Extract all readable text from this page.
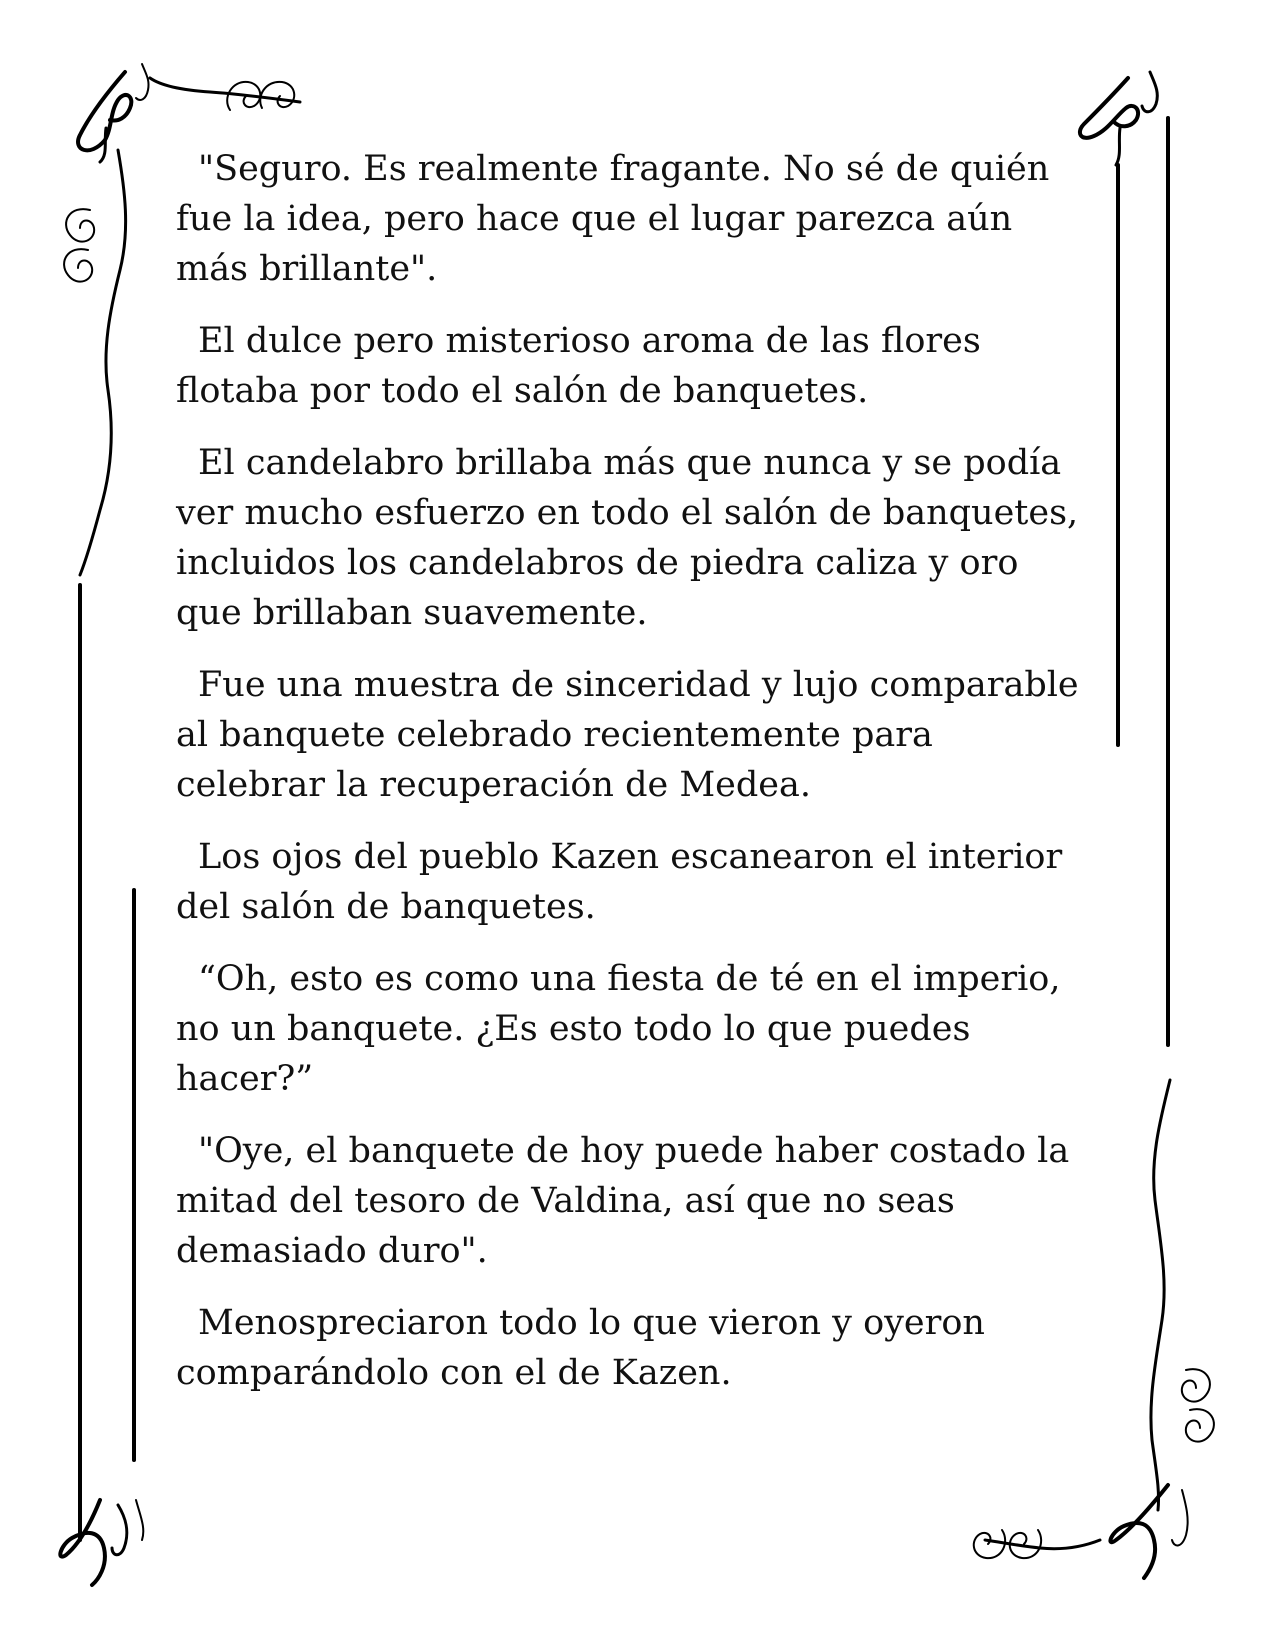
"Seguro. Es realmente fragante. No sé de quién fue la idea, pero hace que el lugar parezca aún más brillante".

El dulce pero misterioso aroma de las flores flotaba por todo el salón de banquetes.

El candelabro brillaba más que nunca y se podía ver mucho esfuerzo en todo el salón de banquetes, incluidos los candelabros de piedra caliza y oro que brillaban suavemente.

Fue una muestra de sinceridad y lujo comparable al banquete celebrado recientemente para celebrar la recuperación de Medea.

Los ojos del pueblo Kazen escanearon el interior del salón de banquetes.

“Oh, esto es como una fiesta de té en el imperio, no un banquete. ¿Es esto todo lo que puedes hacer?”

"Oye, el banquete de hoy puede haber costado la mitad del tesoro de Valdina, así que no seas demasiado duro".

Menospreciaron todo lo que vieron y oyeron comparándolo con el de Kazen.
